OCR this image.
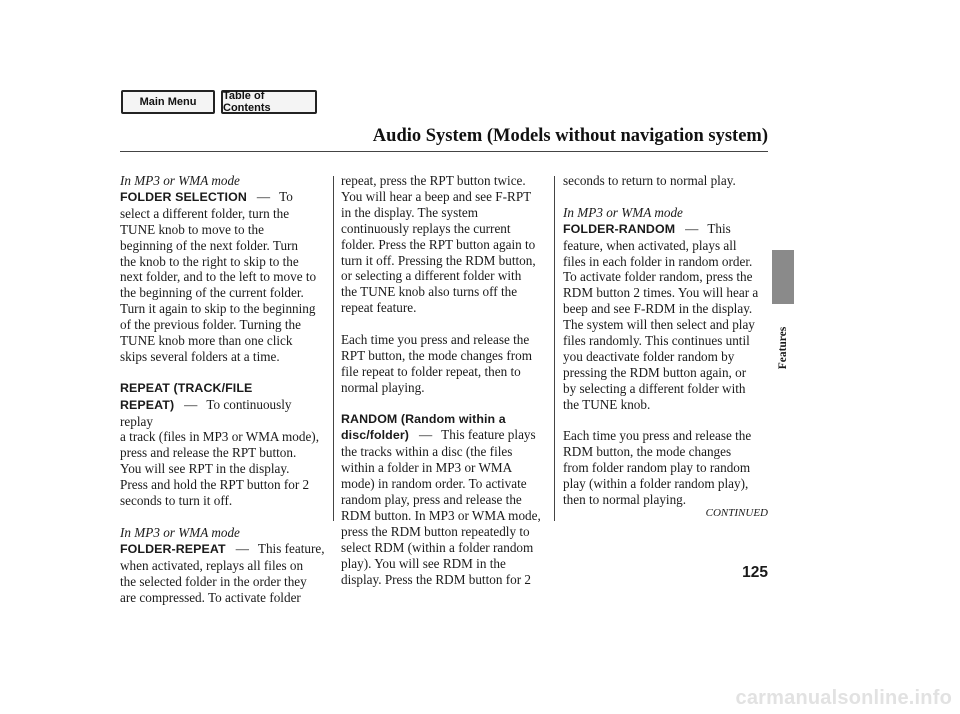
Main Menu	Table of Contents
Audio System (Models without navigation system)

In MP3 or WMA mode

FOLDER SELECTION — To

select a different folder, turn the

TUNE knob to move to the

beginning of the next folder. Turn

the knob to the right to skip to the

next folder, and to the left to move to

the beginning of the current folder.

Turn it again to skip to the beginning

of the previous folder. Turning the

TUNE knob more than one click

skips several folders at a time.

REPEAT (TRACK/FILE

REPEAT) — To continuously replay

a track (files in MP3 or WMA mode),

press and release the RPT button.

You will see RPT in the display.

Press and hold the RPT button for 2

seconds to turn it off.

In MP3 or WMA mode

FOLDER-REPEAT — This feature,

when activated, replays all files on

the selected folder in the order they

are compressed. To activate folder

repeat, press the RPT button twice.

You will hear a beep and see F-RPT

in the display. The system

continuously replays the current

folder. Press the RPT button again to

turn it off. Pressing the RDM button,

or selecting a different folder with

the TUNE knob also turns off the

repeat feature.

Each time you press and release the

RPT button, the mode changes from

file repeat to folder repeat, then to

normal playing.

RANDOM (Random within a

disc/folder) — This feature plays

the tracks within a disc (the files

within a folder in MP3 or WMA

mode) in random order. To activate

random play, press and release the

RDM button. In MP3 or WMA mode,

press the RDM button repeatedly to

select RDM (within a folder random

play). You will see RDM in the

display. Press the RDM button for 2

seconds to return to normal play.

In MP3 or WMA mode

FOLDER-RANDOM — This

feature, when activated, plays all

files in each folder in random order.

To activate folder random, press the

RDM button 2 times. You will hear a

beep and see F-RDM in the display.

The system will then select and play

files randomly. This continues until

you deactivate folder random by

pressing the RDM button again, or

by selecting a different folder with

the TUNE knob.

Each time you press and release the

RDM button, the mode changes

from folder random play to random

play (within a folder random play),

then to normal playing.

CONTINUED
125
Features
carmanualsonline.info
